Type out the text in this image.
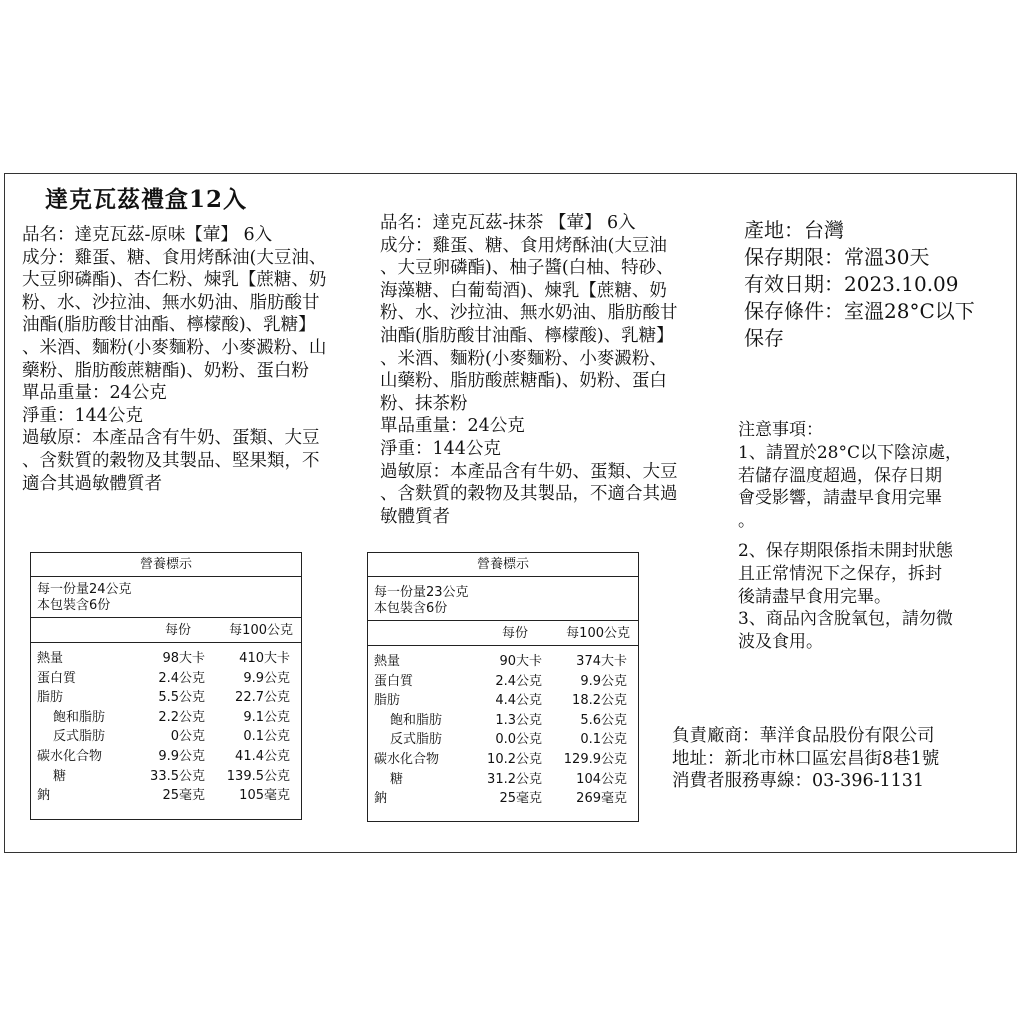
達克瓦茲禮盒12入
品名：達克瓦茲-原味【葷】 6入
成分：雞蛋、糖、食用烤酥油(大豆油、
大豆卵磷酯)、杏仁粉、煉乳【蔗糖、奶
粉、水、沙拉油、無水奶油、脂肪酸甘
油酯(脂肪酸甘油酯、檸檬酸)、乳糖】
、米酒、麵粉(小麥麵粉、小麥澱粉、山
藥粉、脂肪酸蔗糖酯)、奶粉、蛋白粉
單品重量：24公克
淨重：144公克
過敏原：本產品含有牛奶、蛋類、大豆
、含麩質的穀物及其製品、堅果類，不
適合其過敏體質者
品名：達克瓦茲-抹茶 【葷】 6入
成分：雞蛋、糖、食用烤酥油(大豆油
、大豆卵磷酯)、柚子醬(白柚、特砂、
海藻糖、白葡萄酒)、煉乳【蔗糖、奶
粉、水、沙拉油、無水奶油、脂肪酸甘
油酯(脂肪酸甘油酯、檸檬酸)、乳糖】
、米酒、麵粉(小麥麵粉、小麥澱粉、
山藥粉、脂肪酸蔗糖酯)、奶粉、蛋白
粉、抹茶粉
單品重量：24公克
淨重：144公克
過敏原：本產品含有牛奶、蛋類、大豆
、含麩質的穀物及其製品，不適合其過
敏體質者
產地：台灣
保存期限：常溫30天
有效日期：2023.10.09
保存條件：室溫28°C以下
保存
注意事項：
1、請置於28°C以下陰涼處，
若儲存溫度超過，保存日期
會受影響，請盡早食用完畢
。
2、保存期限係指未開封狀態
且正常情況下之保存，拆封
後請盡早食用完畢。
3、商品內含脫氧包，請勿微
波及食用。
負責廠商：華洋食品股份有限公司
地址：新北市林口區宏昌街8巷1號
消費者服務專線：03-396-1131
營養標示
每一份量24公克
本包裝含6份
每份	每100公克
熱量	98大卡	410大卡
蛋白質	2.4公克	9.9公克
脂肪	5.5公克 22.7公克
飽和脂肪	2.2公克	9.1公克
反式脂肪	0公克	0.1公克
碳水化合物	9.9公克 41.4公克
糖	33.5公克 139.5公克
鈉	25毫克	105毫克
營養標示
每一份量23公克
本包裝含6份
每份	每100公克
熱量	90大卡	374大卡
蛋白質	2.4公克	9.9公克
脂肪	4.4公克 18.2公克
飽和脂肪	1.3公克	5.6公克
反式脂肪	0.0公克	0.1公克
碳水化合物	10.2公克 129.9公克
糖	31.2公克	104公克
鈉	25毫克	269毫克
